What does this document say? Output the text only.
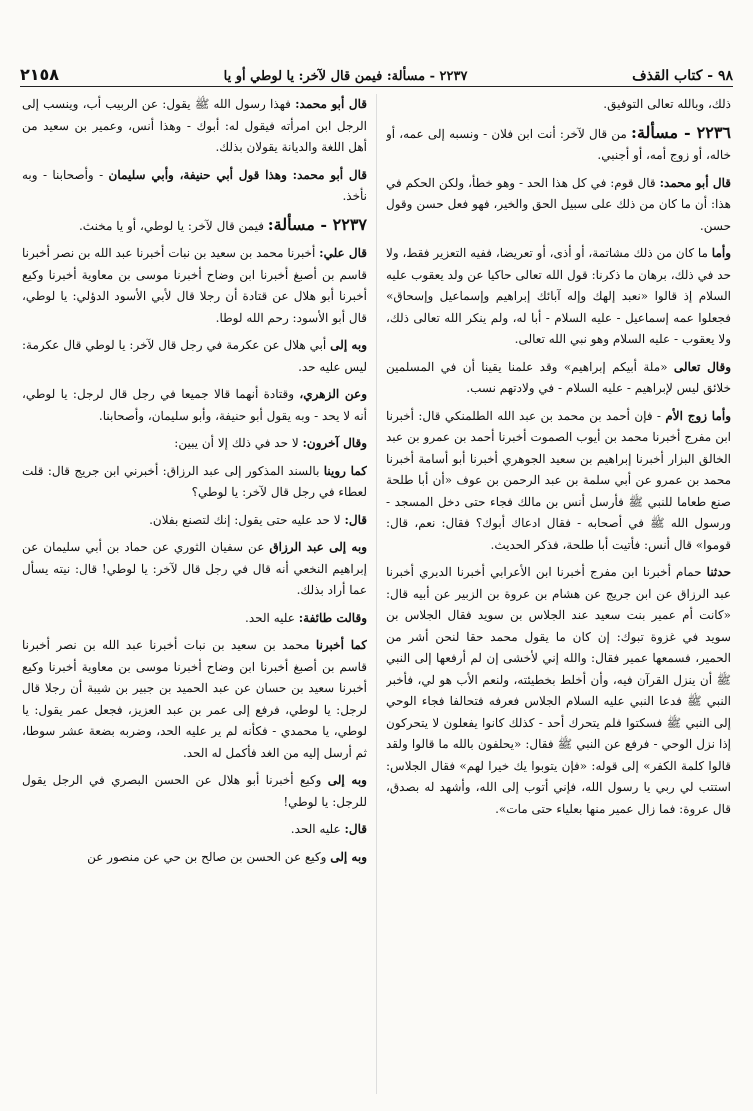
٢١٥٨	٢٢٣٧ - مسألة: فيمن قال لآخر: يا لوطي أو يا	٩٨ - كتاب القذف

ذلك، وبالله تعالى التوفيق.

٢٢٣٦ - مسألة: من قال لآخر: أنت ابن فلان - ونسبه إلى عمه، أو خاله، أو زوج أمه، أو أجنبي.

قال أبو محمد: قال قوم: في كل هذا الحد - وهو خطأ، ولكن الحكم في هذا: أن ما كان من ذلك على سبيل الحق والخير، فهو فعل حسن وقول حسن.

وأما ما كان من ذلك مشاتمة، أو أذى، أو تعريضا، ففيه التعزير فقط، ولا حد في ذلك، برهان ما ذكرنا: قول الله تعالى حاكيا عن ولد يعقوب عليه السلام إذ قالوا «نعبد إلهك وإله آبائك إبراهيم وإسماعيل وإسحاق» فجعلوا عمه إسماعيل - عليه السلام - أبا له، ولم ينكر الله تعالى ذلك، ولا يعقوب - عليه السلام وهو نبي الله تعالى.

وقال تعالى «ملة أبيكم إبراهيم» وقد علمنا يقينا أن في المسلمين خلائق ليس لإبراهيم - عليه السلام - في ولادتهم نسب.

وأما زوج الأم - فإن أحمد بن محمد بن عبد الله الطلمنكي قال: أخبرنا ابن مفرج أخبرنا محمد بن أيوب الصموت أخبرنا أحمد بن عمرو بن عبد الخالق البزار أخبرنا إبراهيم بن سعيد الجوهري أخبرنا أبو أسامة أخبرنا محمد بن عمرو عن أبي سلمة بن عبد الرحمن بن عوف «أن أبا طلحة صنع طعاما للنبي ﷺ فأرسل أنس بن مالك فجاء حتى دخل المسجد - ورسول الله ﷺ في أصحابه - فقال ادعاك أبوك؟ فقال: نعم، قال: قوموا» قال أنس: فأتيت أبا طلحة، فذكر الحديث.

حدثنا حمام أخبرنا ابن مفرج أخبرنا ابن الأعرابي أخبرنا الدبري أخبرنا عبد الرزاق عن ابن جريج عن هشام بن عروة بن الزبير عن أبيه قال: «كانت أم عمير بنت سعيد عند الجلاس بن سويد فقال الجلاس بن سويد في غزوة تبوك: إن كان ما يقول محمد حقا لنحن أشر من الحمير، فسمعها عمير فقال: والله إني لأخشى إن لم أرفعها إلى النبي ﷺ أن ينزل القرآن فيه، وأن أخلط بخطيئته، ولنعم الأب هو لي، فأخبر النبي ﷺ فدعا النبي عليه السلام الجلاس فعرفه فتحالفا فجاء الوحي إلى النبي ﷺ فسكتوا فلم يتحرك أحد - كذلك كانوا يفعلون لا يتحركون إذا نزل الوحي - فرفع عن النبي ﷺ فقال: «يحلفون بالله ما قالوا ولقد قالوا كلمة الكفر» إلى قوله: «فإن يتوبوا يك خيرا لهم» فقال الجلاس: استتب لي ربي يا رسول الله، فإني أتوب إلى الله، وأشهد له بصدق، قال عروة: فما زال عمير منها بعلياء حتى مات».

قال أبو محمد: فهذا رسول الله ﷺ يقول: عن الربيب أب، وينسب إلى الرجل ابن امرأته فيقول له: أبوك - وهذا أنس، وعمير بن سعيد من أهل اللغة والديانة يقولان بذلك.

قال أبو محمد: وهذا قول أبي حنيفة، وأبي سليمان - وأصحابنا - وبه نأخذ.

٢٢٣٧ - مسألة: فيمن قال لآخر: يا لوطي، أو يا مخنث.

قال علي: أخبرنا محمد بن سعيد بن نبات أخبرنا عبد الله بن نصر أخبرنا قاسم بن أصبغ أخبرنا ابن وضاح أخبرنا موسى بن معاوية أخبرنا وكيع أخبرنا أبو هلال عن قتادة أن رجلا قال لأبي الأسود الدؤلي: يا لوطي، قال أبو الأسود: رحم الله لوطا.

وبه إلى أبي هلال عن عكرمة في رجل قال لآخر: يا لوطي قال عكرمة: ليس عليه حد.

وعن الزهري، وقتادة أنهما قالا جميعا في رجل قال لرجل: يا لوطي، أنه لا يحد - وبه يقول أبو حنيفة، وأبو سليمان، وأصحابنا.

وقال آخرون: لا حد في ذلك إلا أن يبين:

كما روينا بالسند المذكور إلى عبد الرزاق: أخبرني ابن جريج قال: قلت لعطاء في رجل قال لآخر: يا لوطي؟

قال: لا حد عليه حتى يقول: إنك لتصنع بفلان.

وبه إلى عبد الرزاق عن سفيان الثوري عن حماد بن أبي سليمان عن إبراهيم النخعي أنه قال في رجل قال لآخر: يا لوطي! قال: نيته يسأل عما أراد بذلك.

وقالت طائفة: عليه الحد.

كما أخبرنا محمد بن سعيد بن نبات أخبرنا عبد الله بن نصر أخبرنا قاسم بن أصبغ أخبرنا ابن وضاح أخبرنا موسى بن معاوية أخبرنا وكيع أخبرنا سعيد بن حسان عن عبد الحميد بن جبير بن شيبة أن رجلا قال لرجل: يا لوطي، فرفع إلى عمر بن عبد العزيز، فجعل عمر يقول: يا لوطي، يا محمدي - فكأنه لم ير عليه الحد، وضربه بضعة عشر سوطا، ثم أرسل إليه من الغد فأكمل له الحد.

وبه إلى وكيع أخبرنا أبو هلال عن الحسن البصري في الرجل يقول للرجل: يا لوطي!

قال: عليه الحد.

وبه إلى وكيع عن الحسن بن صالح بن حي عن منصور عن
